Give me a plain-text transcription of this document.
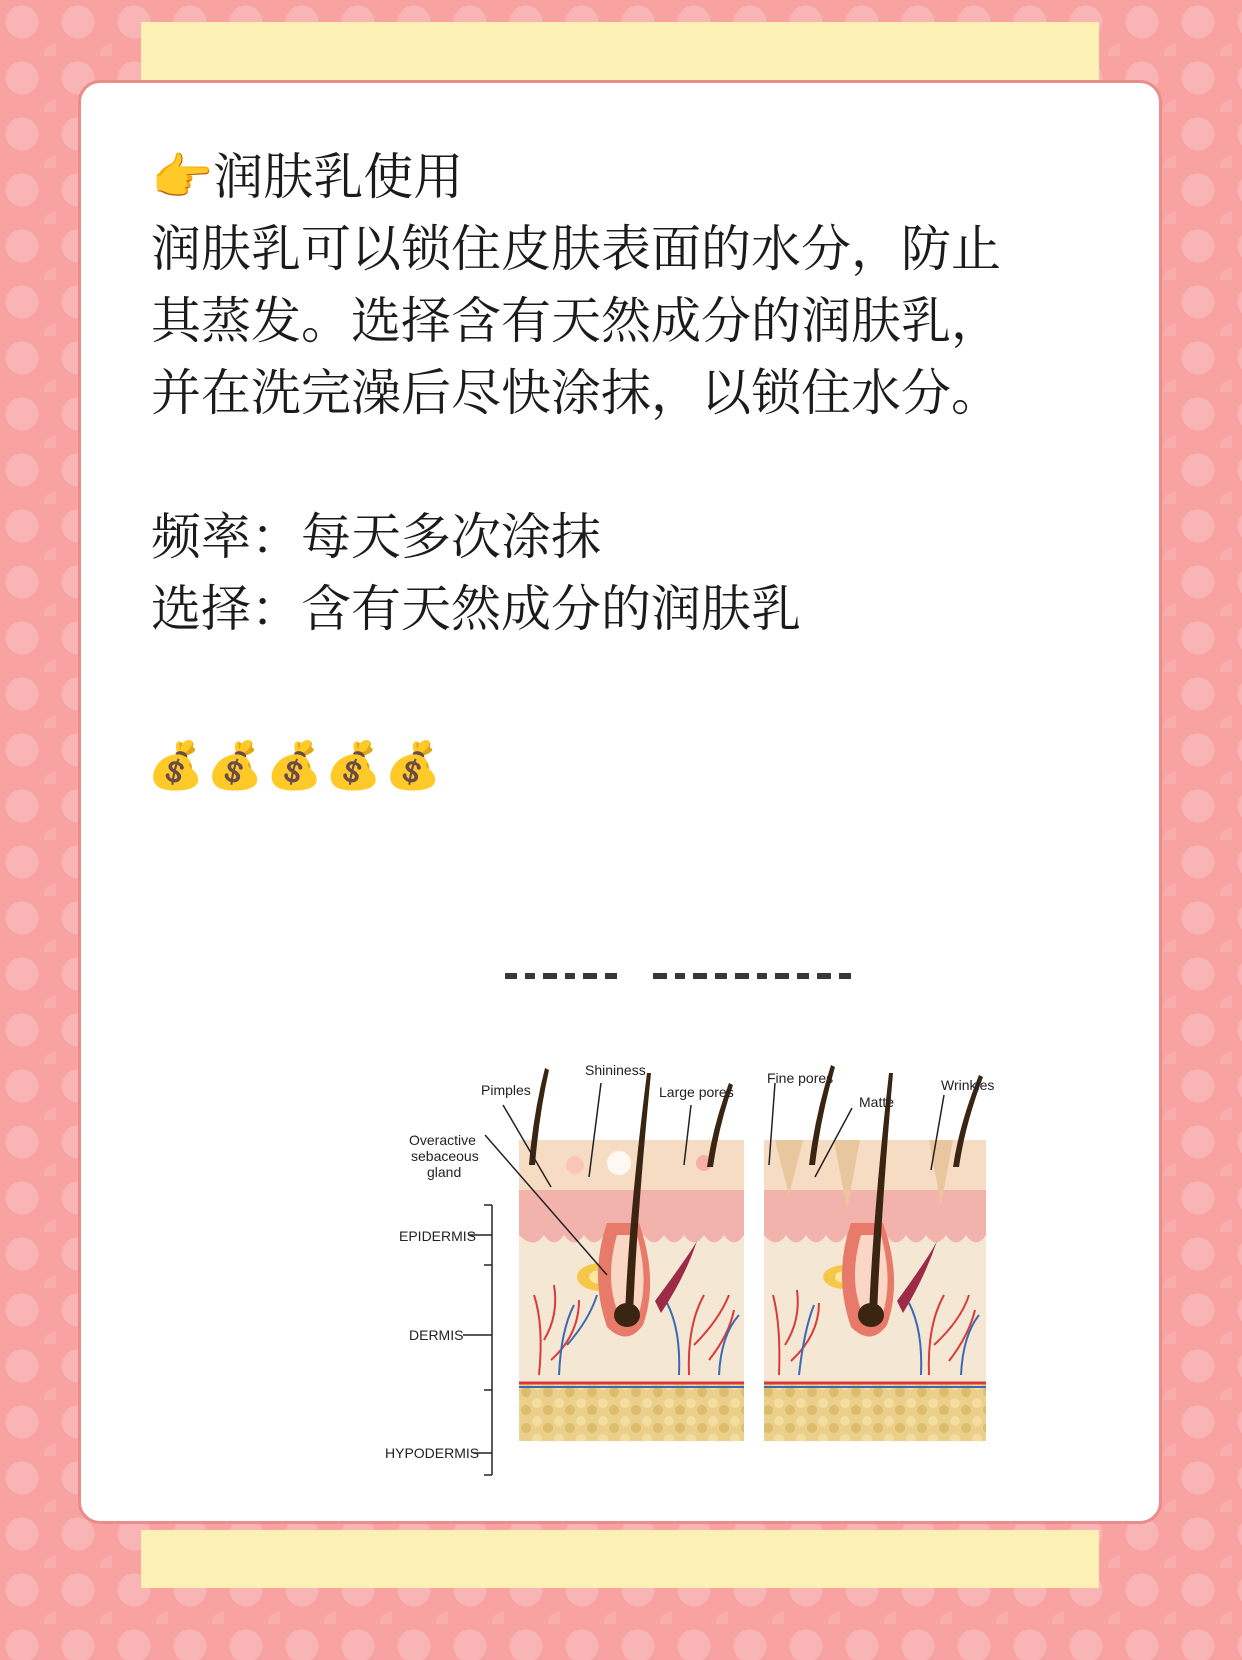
👉润肤乳使用
润肤乳可以锁住皮肤表面的水分，防止
其蒸发。选择含有天然成分的润肤乳，
并在洗完澡后尽快涂抹，以锁住水分。
频率：每天多次涂抹
选择：含有天然成分的润肤乳
💰💰💰💰💰
Pimples
Shininess
Large pores
Fine pores
Matte
Wrinkles
Overactive
sebaceous
gland
EPIDERMIS
DERMIS
HYPODERMIS
